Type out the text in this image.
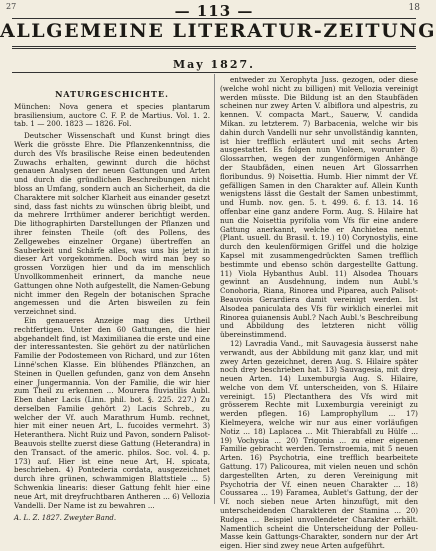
27	— 113 —	18
ALLGEMEINE LITERATUR-ZEITUNG
May 1827.
NATURGESCHICHTE.

München: Nova genera et species plantarum brasiliensium, auctore C. F. P. de Martius. Vol. 1. 2. tab. 1 — 200. 1823 — 1826. Fol.

Deutscher Wissenschaft und Kunst bringt dies Werk die grösste Ehre. Die Pflanzenkenntniss, die durch des Vfs brasilische Reise einen bedeutenden Zuwachs erhalten, gewinnt durch die höchst genauen Analysen der neuen Gattungen und Arten und durch die gründlichen Beschreibungen nicht bloss an Umfang, sondern auch an Sicherheit, da die Charaktere mit solcher Klarheit aus einander gesetzt sind, dass fast nichts zu wünschen übrig bleibt, und da mehrere Irrthümer anderer berichtigt werden. Die lithographirten Darstellungen der Pflanzen und ihrer feinsten Theile (oft des Pollens, des Zellgewebes einzelner Organe) übertreffen an Sauberkeit und Schärfe alles, was uns bis jetzt in dieser Art vorgekommen. Doch wird man bey so grossen Vorzügen hier und da im menschlich Unvollkommenheit erinnert, da manche neue Gattungen ohne Noth aufgestellt, die Namen-Gebung nicht immer den Regeln der botanischen Sprache angemessen und die Arten bisweilen zu fein verzeichnet sind.

Ein genaueres Anzeige mag dies Urtheil rechtfertigen. Unter den 60 Gattungen, die hier abgehandelt find, ist Maximilianea die erste und eine der interessantesten. Sie gehört zu der natürlichen Familie der Podostemeen von Richard, und zur 16ten Linné'schen Klasse. Ein blühendes Pflänzchen, an Steinen in Quellen gefunden, ganz von dem Ansehn einer Jungermannia. Von der Familie, die wir hier zum Theil zu erkennen ... Mourera fluviatilis Aubl. Eben daher Lacis (Linn. phil. bot. §. 225. 227.) Zu derselben Familie gehört 2) Lacis Schreb., zu welcher der Vf. auch Marathrum Humb. rechnet, hier mit einer neuen Art, L. fucoides vermehrt. 3) Heteranthera. Nicht Ruiz und Pavon, sondern Palisot-Beauvois stellte zuerst diese Gattung (Heterandra) in den Transact. of the americ. philos. Soc. vol. 4. p. 173) auf. Hier ist eine neue Art, H. spicata, beschrieben. 4) Pontederia cordata, ausgezeichnet durch ihre grünen, schwammigen Blattstiele ... 5) Schwenkia linearis: dieser Gattung fehlt hier eine neue Art, mit dreyfruchtbaren Antheren ... 6) Vellozia Vandelli. Der Name ist zu bewahren ...

A. L. Z. 1827. Zweyter Band.

entweder zu Xerophyta Juss. gezogen, oder diese (welche wohl nicht zu billigen) mit Vellozia vereinigt werden müsste. Die Bildung ist an den Staubfäden scheinen nur zwey Arten V. albiflora und alpestris, zu kennen. V. compacta Mart., Sauerw, V. candida Mikan. zu letzterem. 7) Barbacenia, welche wir bis dahin durch Vandelli nur sehr unvollständig kannten, ist hier trefflich erläutert und mit sechs Arten ausgestattet. Es folgen nun Violeen, worunter 8) Glossarrhen, wegen der zungenförmigen Anhänge der Staubfäden, einen neuen Art Glossarrhen floribundus. 9) Noisettia. Humb. Hier nimmt der Vf. gefälligen Samen in den Charakter auf. Allein Kunth wenigstens lässt die Gestalt der Samen unbestimmt, und Humb. nov. gen. 5. t. 499. 6. f. 13. 14. 16 offenbar eine ganz andere Form. Aug. S. Hilaire hat nun die Noisettia pyrifolia vom Vfs für eine andere Gattung anerkannt, welche er Anchietea nennt. (Plant. usuell. du Brasil. t. 19.) 10) Corynostylis, eine durch den keulenförmigen Griffel und die holzige Kapsel mit zusammengedrückten Samen trefflich bestimmte und ebenso schön dargestellte Gattung. 11) Viola Hybanthus Aubl. 11) Alsodea Thouars gewinnt an Ausdehnung, indem nun Aubl.'s Conohoria, Riana, Rinorea und Piparea, auch Palisot-Beauvois Gerardiera damit vereinigt werden. Ist Alsodea paniculata des Vfs für wirklich einerlei mit Rinorea guianensis Aubl.? Nach Aubl.'s Beschreibung und Abbildung des letzteren nicht völlig übereinstimmend.

12) Lavradia Vand., mit Sauvagesia äusserst nahe verwandt, aus der Abbildung mit ganz klar, und mit zwey Arten gezeichnet, deren Aug. S. Hilaire später noch drey beschrieben hat. 13) Sauvagesia, mit drey neuen Arten. 14) Luxemburgia Aug. S. Hilaire, welche von dem Vf. unterscheiden, von S. Hilaire vereinigt. 15) Plectanthera des Vfs wird mit grösserem Rechte mit Luxemburgia vereinigt zu werden pflegen. 16) Lamprophyllum ... 17) Kielmeyera, welche wir nur aus einer vorläufigen Notiz ... 18) Laplacea ... Mit Thierabfall zu Hülfe ... 19) Vochysia ... 20) Trigonia ... zu einer eigenen Familie gebracht werden. Ternstroemia, mit 5 neuen Arten. 16) Psychotria, eine trefflich bearbeitete Gattung. 17) Palicourea, mit vielen neuen und schön dargestellten Arten, zu deren Vereinigung mit Psychotria der Vf. einen neuen Charakter ... 18) Coussarea ... 19) Faramea, Aublet's Gattung, der der Vf. noch sieben neue Arten hinzufügt, mit den unterscheidenden Charakteren der Stamina ... 20) Rudgea ... Beispiel unvollendeter Charakter erhält. Namentlich scheint die Unterscheidung der Polleu- Masse kein Gattungs-Charakter, sondern nur der Art eigen. Hier sind zwey neue Arten aufgeführt.
